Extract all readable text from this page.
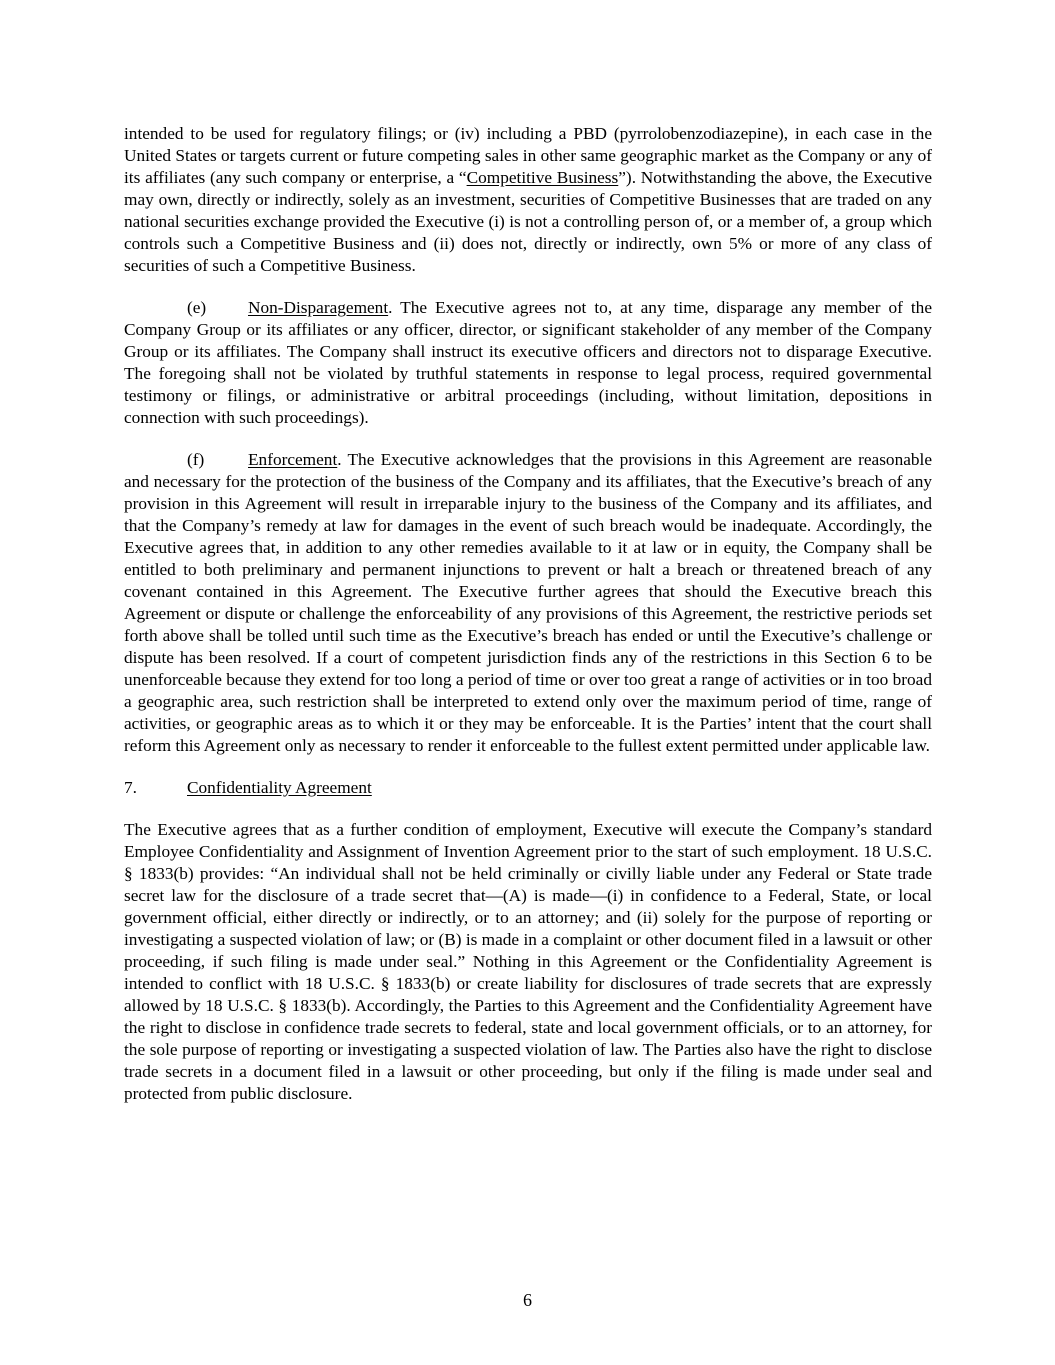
intended to be used for regulatory filings; or (iv) including a PBD (pyrrolobenzodiazepine), in each case in the United States or targets current or future competing sales in other same geographic market as the Company or any of its affiliates (any such company or enterprise, a “Competitive Business”). Notwithstanding the above, the Executive may own, directly or indirectly, solely as an investment, securities of Competitive Businesses that are traded on any national securities exchange provided the Executive (i) is not a controlling person of, or a member of, a group which controls such a Competitive Business and (ii) does not, directly or indirectly, own 5% or more of any class of securities of such a Competitive Business.

(e) Non-Disparagement. The Executive agrees not to, at any time, disparage any member of the Company Group or its affiliates or any officer, director, or significant stakeholder of any member of the Company Group or its affiliates. The Company shall instruct its executive officers and directors not to disparage Executive. The foregoing shall not be violated by truthful statements in response to legal process, required governmental testimony or filings, or administrative or arbitral proceedings (including, without limitation, depositions in connection with such proceedings).

(f)	Enforcement. The Executive acknowledges that the provisions in this Agreement are reasonable and necessary for the protection of the business of the Company and its affiliates, that the Executive’s breach of any provision in this Agreement will result in irreparable injury to the business of the Company and its affiliates, and that the Company’s remedy at law for damages in the event of such breach would be inadequate. Accordingly, the Executive agrees that, in addition to any other remedies available to it at law or in equity, the Company shall be entitled to both preliminary and permanent injunctions to prevent or halt a breach or threatened breach of any covenant contained in this Agreement. The Executive further agrees that should the Executive breach this Agreement or dispute or challenge the enforceability of any provisions of this Agreement, the restrictive periods set forth above shall be tolled until such time as the Executive’s breach has ended or until the Executive’s challenge or dispute has been resolved. If a court of competent jurisdiction finds any of the restrictions in this Section 6 to be unenforceable because they extend for too long a period of time or over too great a range of activities or in too broad a geographic area, such restriction shall be interpreted to extend only over the maximum period of time, range of activities, or geographic areas as to which it or they may be enforceable. It is the Parties’ intent that the court shall reform this Agreement only as necessary to render it enforceable to the fullest extent permitted under applicable law.

7.	Confidentiality Agreement

The Executive agrees that as a further condition of employment, Executive will execute the Company’s standard Employee Confidentiality and Assignment of Invention Agreement prior to the start of such employment. 18 U.S.C. § 1833(b) provides: “An individual shall not be held criminally or civilly liable under any Federal or State trade secret law for the disclosure of a trade secret that—(A) is made—(i) in confidence to a Federal, State, or local government official, either directly or indirectly, or to an attorney; and (ii) solely for the purpose of reporting or investigating a suspected violation of law; or (B) is made in a complaint or other document filed in a lawsuit or other proceeding, if such filing is made under seal.” Nothing in this Agreement or the Confidentiality Agreement is intended to conflict with 18 U.S.C. § 1833(b) or create liability for disclosures of trade secrets that are expressly allowed by 18 U.S.C. § 1833(b). Accordingly, the Parties to this Agreement and the Confidentiality Agreement have the right to disclose in confidence trade secrets to federal, state and local government officials, or to an attorney, for the sole purpose of reporting or investigating a suspected violation of law. The Parties also have the right to disclose trade secrets in a document filed in a lawsuit or other proceeding, but only if the filing is made under seal and protected from public disclosure.

6
